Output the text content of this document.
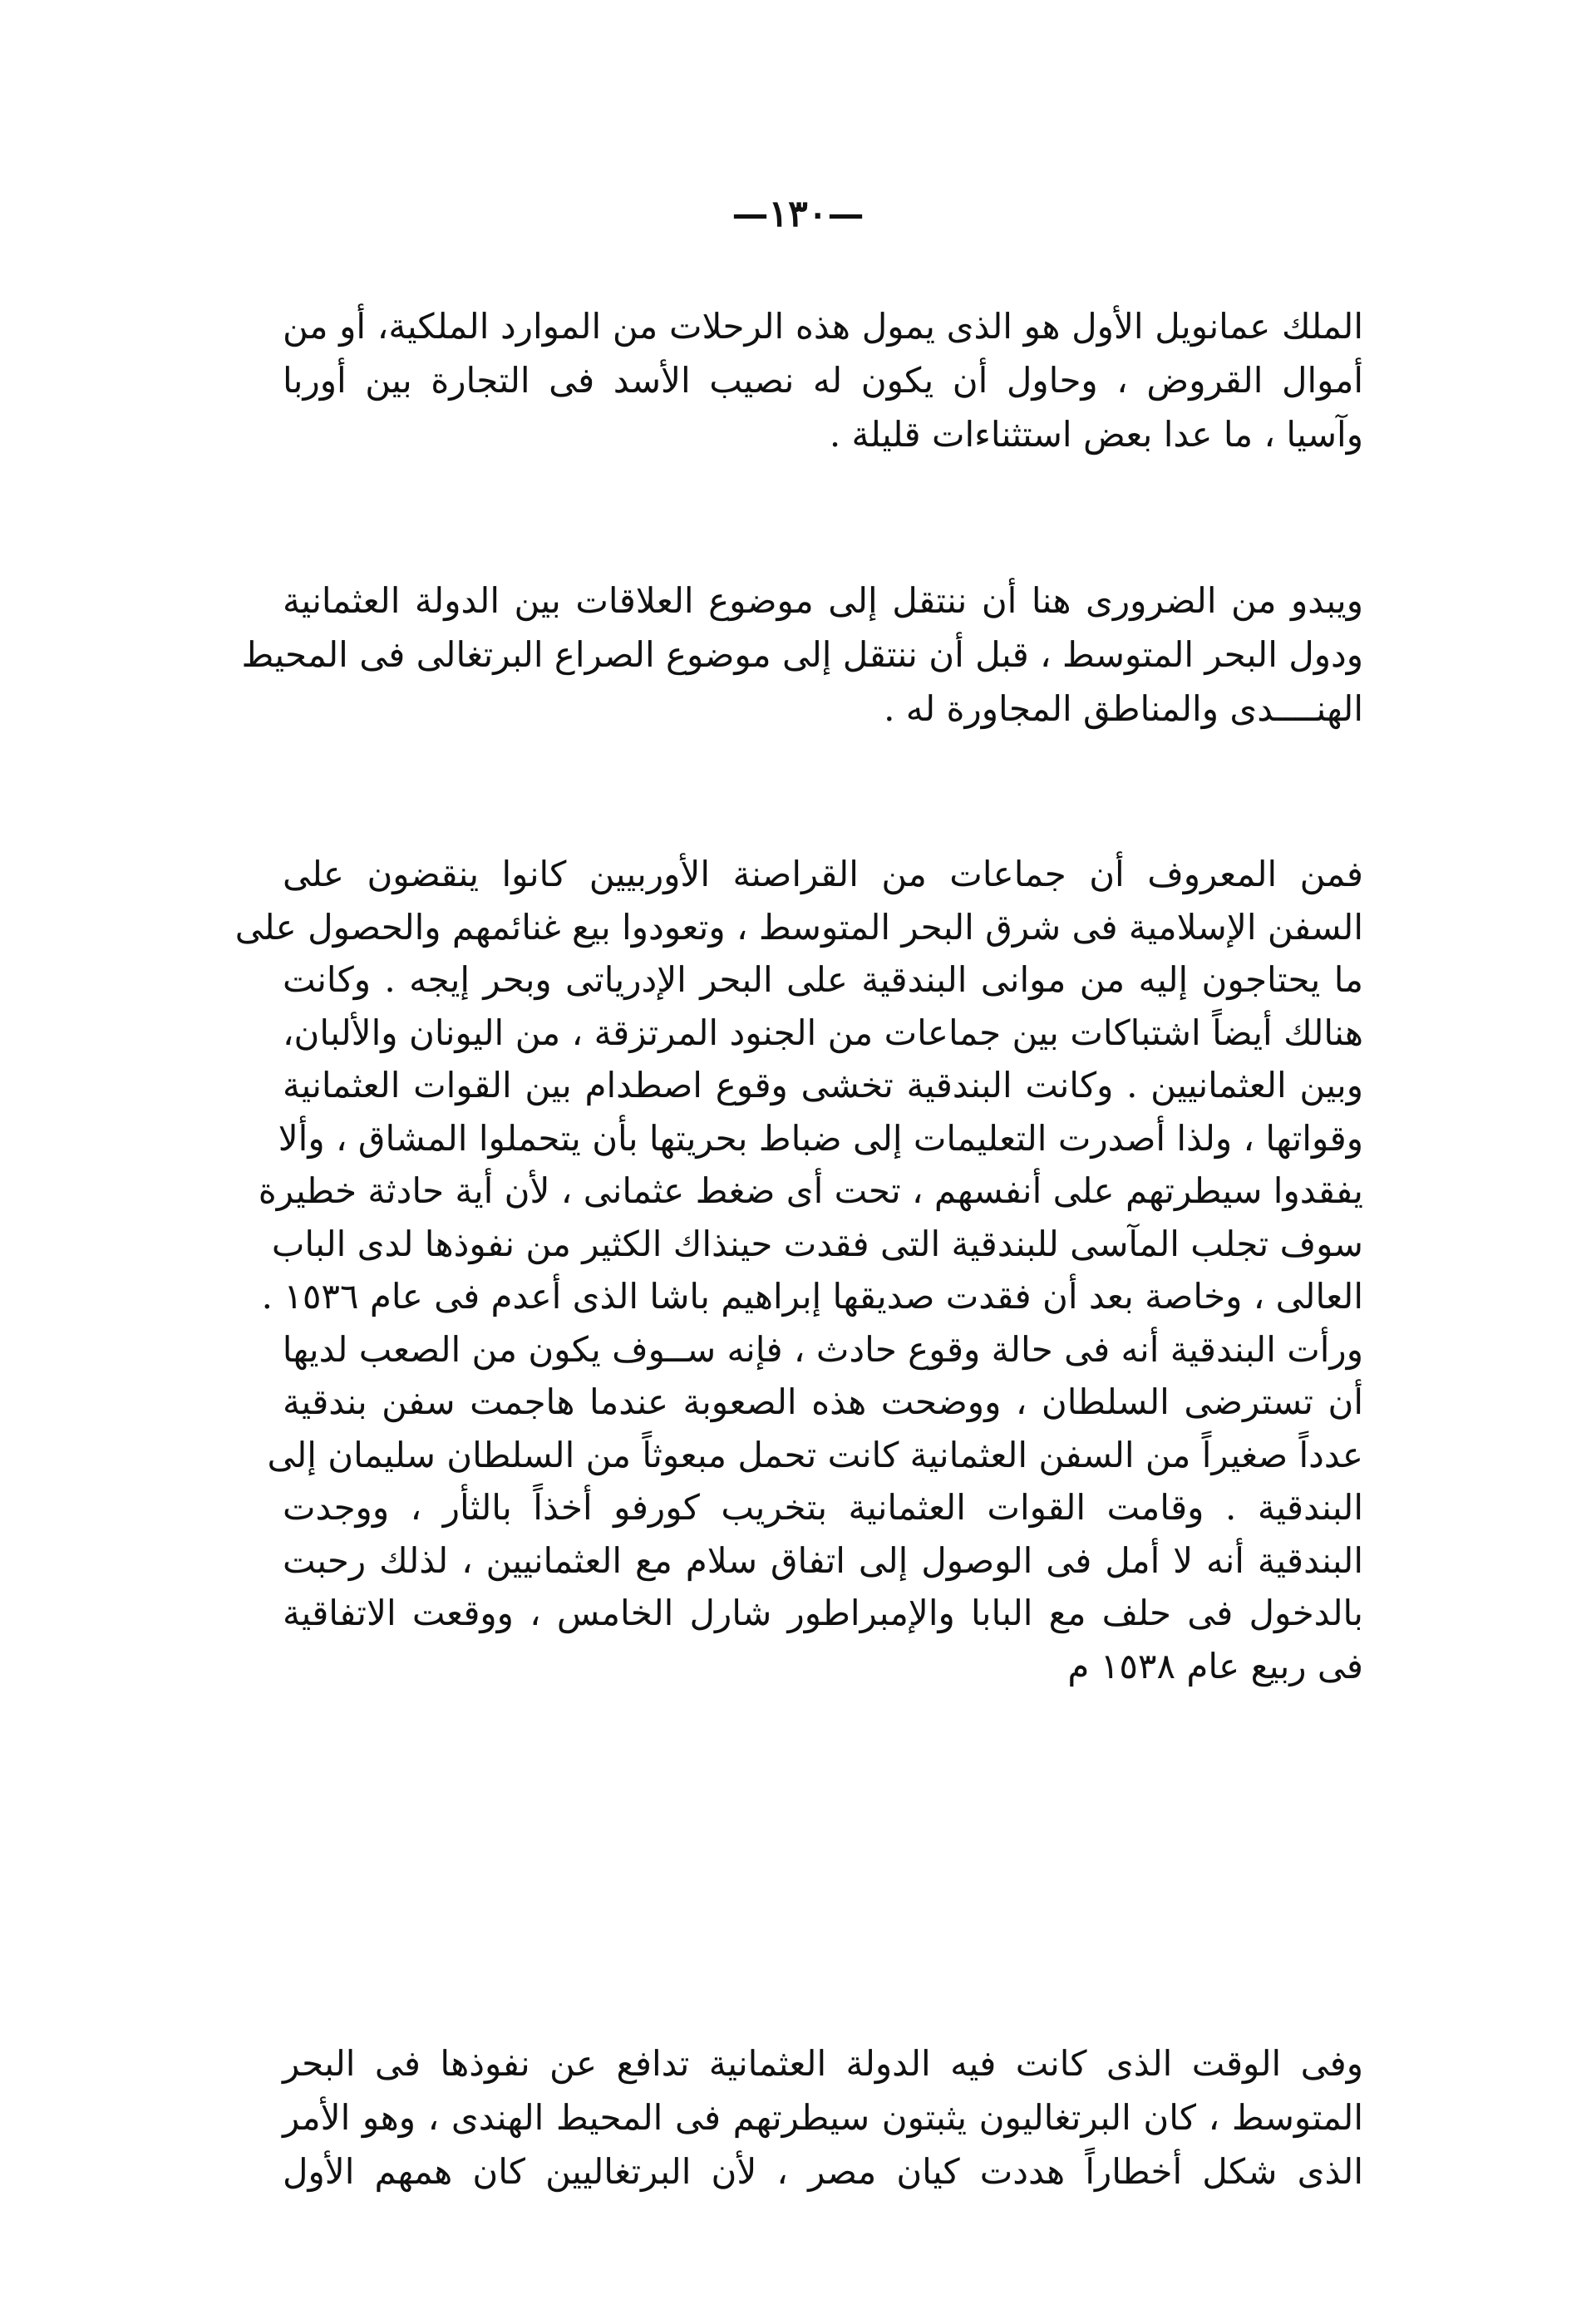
—١٣٠—
الملك عمانويل الأول هو الذى يمول هذه الرحلات من الموارد الملكية، أو من
أموال القروض ، وحاول أن يكون له نصيب الأسد فى التجارة بين أوربا
وآسيا ، ما عدا بعض استثناءات قليلة .
ويبدو من الضرورى هنا أن ننتقل إلى موضوع العلاقات بين الدولة العثمانية
ودول البحر المتوسط ، قبل أن ننتقل إلى موضوع الصراع البرتغالى فى المحيط
الهنــــدى والمناطق المجاورة له .
فمن المعروف أن جماعات من القراصنة الأوربيين كانوا ينقضون على
السفن الإسلامية فى شرق البحر المتوسط ، وتعودوا بيع غنائمهم والحصول على
ما يحتاجون إليه من موانى البندقية على البحر الإدرياتى وبحر إيجه . وكانت
هنالك أيضاً اشتباكات بين جماعات من الجنود المرتزقة ، من اليونان والألبان،
وبين العثمانيين . وكانت البندقية تخشى وقوع اصطدام بين القوات العثمانية
وقواتها ، ولذا أصدرت التعليمات إلى ضباط بحريتها بأن يتحملوا المشاق ، وألا
يفقدوا سيطرتهم على أنفسهم ، تحت أى ضغط عثمانى ، لأن أية حادثة خطيرة
سوف تجلب المآسى للبندقية التى فقدت حينذاك الكثير من نفوذها لدى الباب
العالى ، وخاصة بعد أن فقدت صديقها إبراهيم باشا الذى أعدم فى عام ١٥٣٦ .
ورأت البندقية أنه فى حالة وقوع حادث ، فإنه ســوف يكون من الصعب لديها
أن تسترضى السلطان ، ووضحت هذه الصعوبة عندما هاجمت سفن بندقية
عدداً صغيراً من السفن العثمانية كانت تحمل مبعوثاً من السلطان سليمان إلى
البندقية . وقامت القوات العثمانية بتخريب كورفو أخذاً بالثأر ، ووجدت
البندقية أنه لا أمل فى الوصول إلى اتفاق سلام مع العثمانيين ، لذلك رحبت
بالدخول فى حلف مع البابا والإمبراطور شارل الخامس ، ووقعت الاتفاقية
فى ربيع عام ١٥٣٨ م
وفى الوقت الذى كانت فيه الدولة العثمانية تدافع عن نفوذها فى البحر
المتوسط ، كان البرتغاليون يثبتون سيطرتهم فى المحيط الهندى ، وهو الأمر
الذى شكل أخطاراً هددت كيان مصر ، لأن البرتغاليين كان همهم الأول
